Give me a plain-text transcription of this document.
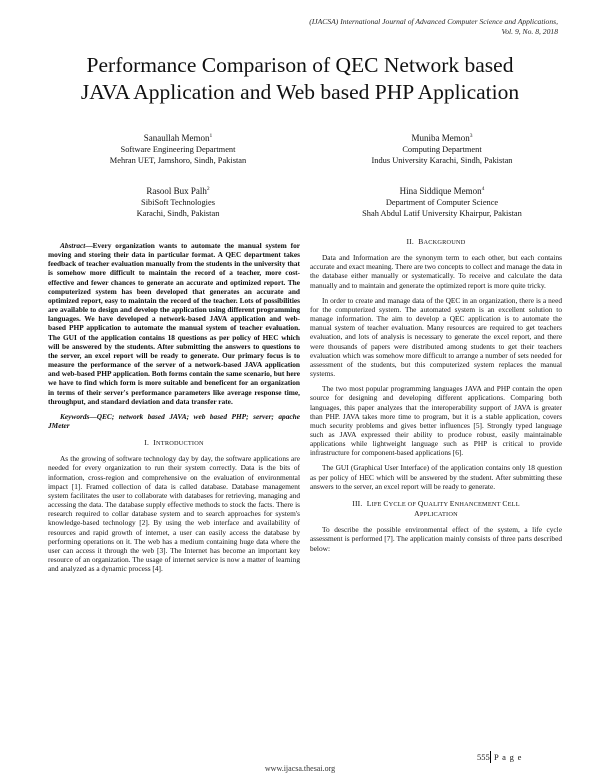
(IJACSA) International Journal of Advanced Computer Science and Applications,
Vol. 9, No. 8, 2018
Performance Comparison of QEC Network based
JAVA Application and Web based PHP Application
Sanaullah Memon$^1$
Software Engineering Department
Mehran UET, Jamshoro, Sindh, Pakistan
Muniba Memon$^3$
Computing Department
Indus University Karachi, Sindh, Pakistan
Rasool Bux Palh$^2$
SibiSoft Technologies
Karachi, Sindh, Pakistan
Hina Siddique Memon$^4$
Department of Computer Science
Shah Abdul Latif University Khairpur, Pakistan

Abstract—Every organization wants to automate the manual system for moving and storing their data in particular format. A QEC department takes feedback of teacher evaluation manually from the students in the university that is somehow more difficult to maintain the record of a teacher, more cost-effective and fewer chances to generate an accurate and optimized report. The computerized system has been developed that generates an accurate and optimized report, easy to maintain the record of the teacher. Lots of possibilities are available to design and develop the application using different programming languages. We have developed a network-based JAVA application and web-based PHP application to automate the manual system of teacher evaluation. The GUI of the application contains 18 questions as per policy of HEC which will be answered by the students. After submitting the answers to questions to the server, an excel report will be ready to generate. Our primary focus is to measure the performance of the server of a network-based JAVA application and web-based PHP application. Both forms contain the same scenario, but here we have to find which form is more suitable and beneficent for an organization in terms of their server's performance parameters like average response time, throughput, and standard deviation and data transfer rate.

Keywords—QEC; network based JAVA; web based PHP; server; apache JMeter

I. INTRODUCTION

As the growing of software technology day by day, the software applications are needed for every organization to run their system correctly. Data is the bits of information, cross-region and comprehensive on the evaluation of environmental impact [1]. Framed collection of data is called database. Database management system facilitates the user to collaborate with databases for retrieving, managing and accessing the data. The database supply effective methods to stock the facts. There is research required to collar database system and to search approaches for system's knowledge-based technology [2]. By using the web interface and availability of resources and rapid growth of internet, a user can easily access the database by performing operations on it. The web has a medium containing huge data where the user can access it through the web [3]. The Internet has become an important key resource of an organization. The usage of internet service is now a matter of learning and analyzed as a dynamic process [4].

II. BACKGROUND

Data and Information are the synonym term to each other, but each contains accurate and exact meaning. There are two concepts to collect and manage the data in the database either manually or systematically. To receive and calculate the data manually and to maintain and generate the optimized report is more quite tricky.

In order to create and manage data of the QEC in an organization, there is a need for the computerized system. The automated system is an excellent solution to manage information. The aim to develop a QEC application is to automate the manual system of teacher evaluation. Many resources are required to get teachers evaluation, and lots of analysis is necessary to generate the excel report, and there were thousands of papers were distributed among students to get their teachers evaluation which was somehow more difficult to arrange a number of sets needed for assessment of the students, but this computerized system replaces the manual systems.

The two most popular programming languages JAVA and PHP contain the open source for designing and developing different applications. Comparing both languages, this paper analyzes that the interoperability support of JAVA is greater than PHP. JAVA takes more time to program, but it is a stable application, covers much security problems and gives better influences [5]. Strongly typed language such as JAVA expressed their ability to produce robust, easily maintainable applications while lightweight language such as PHP is critical to provide infrastructure for component-based applications [6].

The GUI (Graphical User Interface) of the application contains only 18 question as per policy of HEC which will be answered by the student. After submitting these answers to the server, an excel report will be ready to generate.

III. LIFE CYCLE OF QUALITY ENHANCEMENT CELL
APPLICATION

To describe the possible environmental effect of the system, a life cycle assessment is performed [7]. The application mainly consists of three parts described below:

555 P a g e
www.ijacsa.thesai.org
